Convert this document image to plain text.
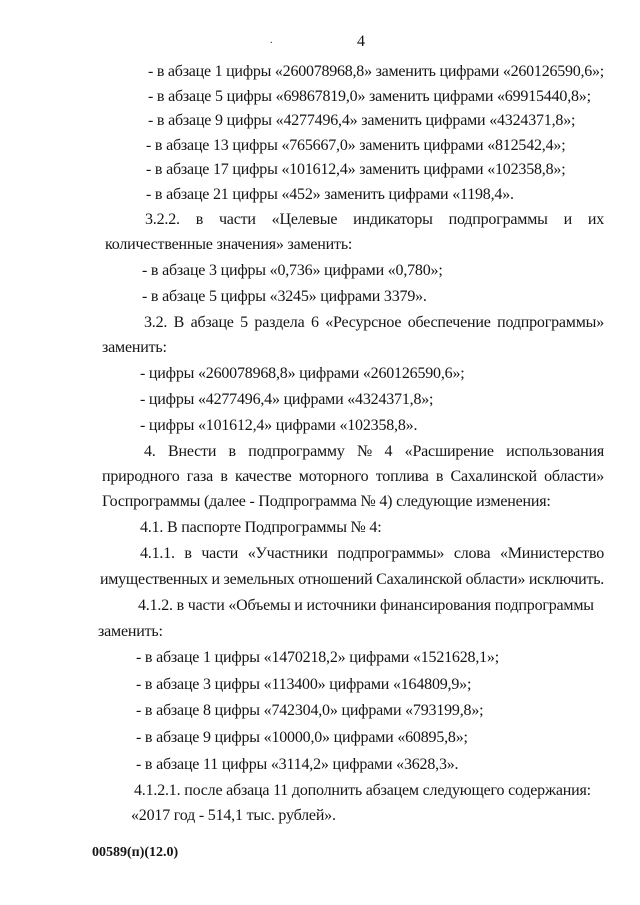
.	4
- в абзаце 1 цифры «260078968,8» заменить цифрами «260126590,6»;
- в абзаце 5 цифры «69867819,0» заменить цифрами «69915440,8»;
- в абзаце 9 цифры «4277496,4» заменить цифрами «4324371,8»;
- в абзаце 13 цифры «765667,0» заменить цифрами «812542,4»;
- в абзаце 17 цифры «101612,4» заменить цифрами «102358,8»;
- в абзаце 21 цифры «452» заменить цифрами «1198,4».
3.2.2. в части «Целевые индикаторы подпрограммы и их
количественные значения» заменить:
- в абзаце 3 цифры «0,736» цифрами «0,780»;
- в абзаце 5 цифры «3245» цифрами 3379».
3.2. В абзаце 5 раздела 6 «Ресурсное обеспечение подпрограммы»
заменить:
- цифры «260078968,8» цифрами «260126590,6»;
- цифры «4277496,4» цифрами «4324371,8»;
- цифры «101612,4» цифрами «102358,8».
4. Внести в подпрограмму № 4 «Расширение использования
природного газа в качестве моторного топлива в Сахалинской области»
Госпрограммы (далее - Подпрограмма № 4) следующие изменения:
4.1. В паспорте Подпрограммы № 4:
4.1.1. в части «Участники подпрограммы» слова «Министерство
имущественных и земельных отношений Сахалинской области» исключить.
4.1.2. в части «Объемы и источники финансирования подпрограммы
заменить:
- в абзаце 1 цифры «1470218,2» цифрами «1521628,1»;
- в абзаце 3 цифры «113400» цифрами «164809,9»;
- в абзаце 8 цифры «742304,0» цифрами «793199,8»;
- в абзаце 9 цифры «10000,0» цифрами «60895,8»;
- в абзаце 11 цифры «3114,2» цифрами «3628,3».
4.1.2.1. после абзаца 11 дополнить абзацем следующего содержания:
«2017 год - 514,1 тыс. рублей».
00589(п)(12.0)
